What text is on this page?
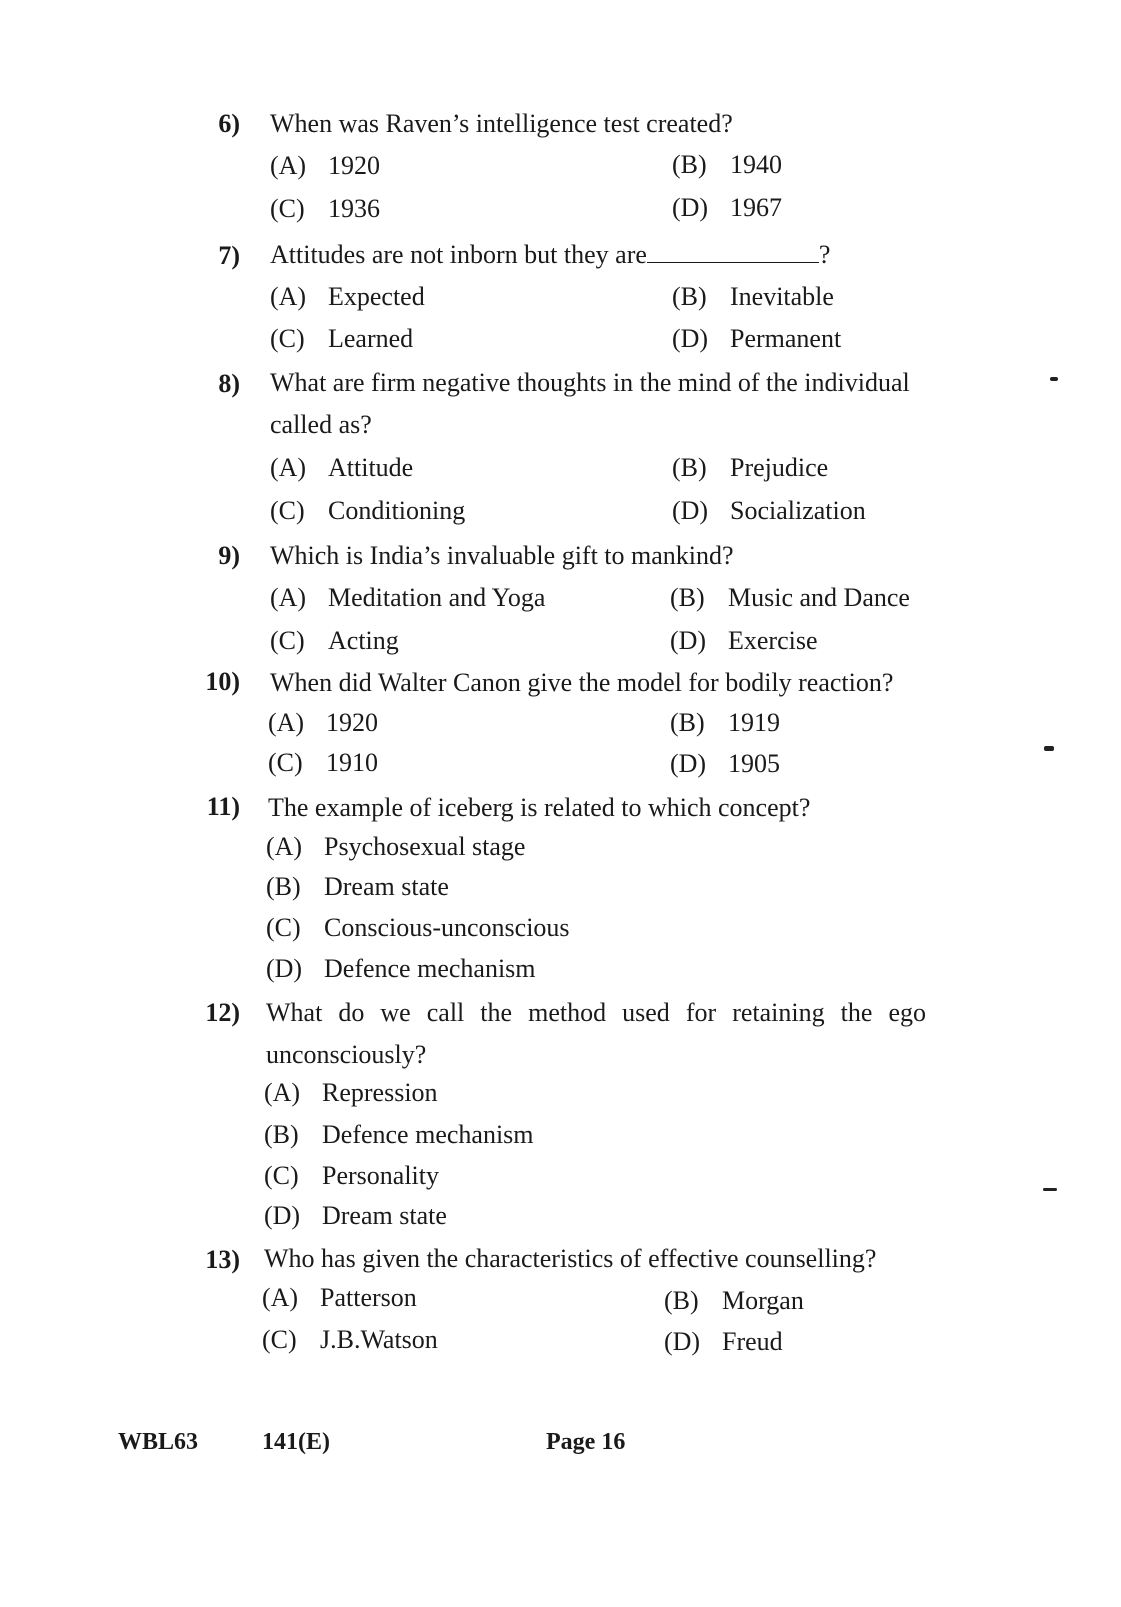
6) When was Raven’s intelligence test created?
(A) 1920	(B) 1940
(C) 1936	(D) 1967
7) Attitudes are not inborn but they are	?
(A) Expected	(B) Inevitable
(C) Learned	(D) Permanent
8) What are firm negative thoughts in the mind of the individual called as?
(A) Attitude	(B) Prejudice
(C) Conditioning	(D) Socialization
9) Which is India’s invaluable gift to mankind?
(A) Meditation and Yoga	(B) Music and Dance
(C) Acting	(D) Exercise
10) When did Walter Canon give the model for bodily reaction?
(A) 1920	(B) 1919
(C) 1910	(D) 1905
11) The example of iceberg is related to which concept?
(A) Psychosexual stage
(B) Dream state
(C) Conscious-unconscious
(D) Defence mechanism
12) What do we call the method used for retaining the ego unconsciously?
(A) Repression
(B) Defence mechanism
(C) Personality
(D) Dream state
13) Who has given the characteristics of effective counselling?
(A) Patterson	(B) Morgan
(C) J.B.Watson	(D) Freud
WBL63	141(E)	Page 16
